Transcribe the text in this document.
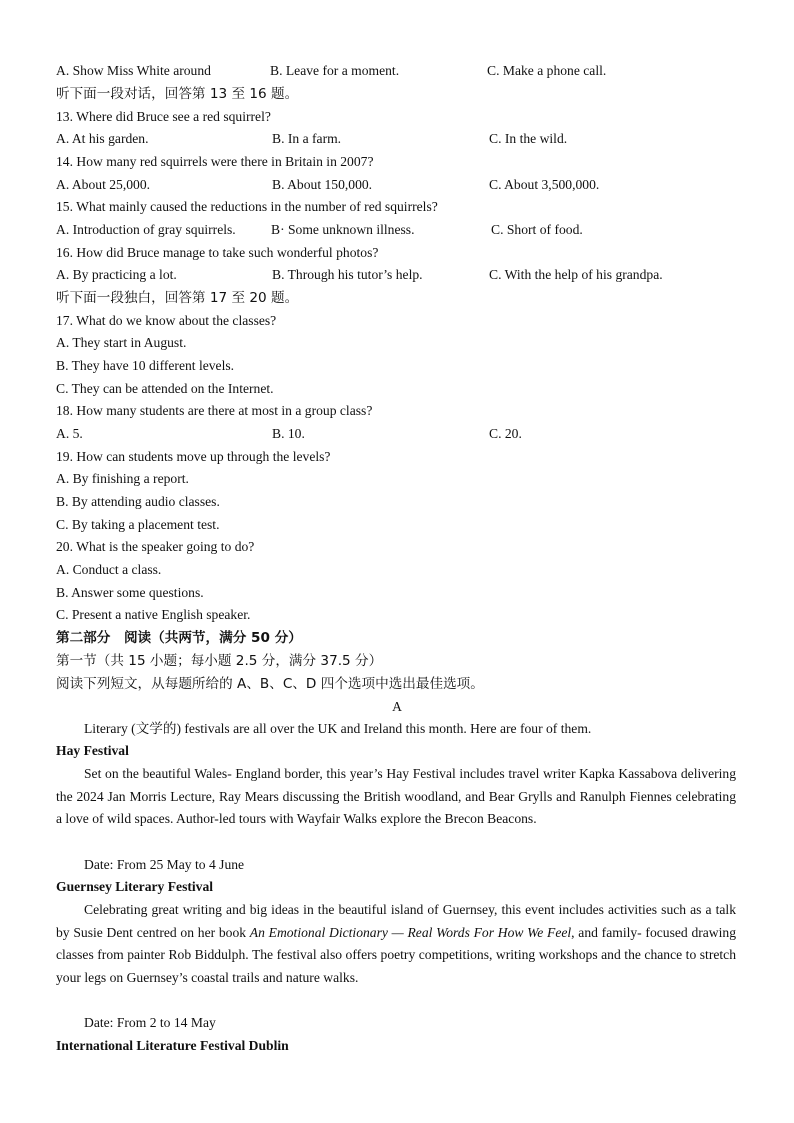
A. Show Miss White around	B. Leave for a moment.	C. Make a phone call.
听下面一段对话，回答第 13 至 16 题。
13. Where did Bruce see a red squirrel?
A. At his garden.	B. In a farm.	C. In the wild.
14. How many red squirrels were there in Britain in 2007?
A. About 25,000.	B. About 150,000.	C. About 3,500,000.
15. What mainly caused the reductions in the number of red squirrels?
A. Introduction of gray squirrels.	B· Some unknown illness.	C. Short of food.
16. How did Bruce manage to take such wonderful photos?
A. By practicing a lot.	B. Through his tutor’s help.	C. With the help of his grandpa.
听下面一段独白，回答第 17 至 20 题。
17. What do we know about the classes?
A. They start in August.
B. They have 10 different levels.
C. They can be attended on the Internet.
18. How many students are there at most in a group class?
A. 5.	B. 10.	C. 20.
19. How can students move up through the levels?
A. By finishing a report.
B. By attending audio classes.
C. By taking a placement test.
20. What is the speaker going to do?
A. Conduct a class.
B. Answer some questions.
C. Present a native English speaker.
第二部分　阅读（共两节，满分 50 分）
第一节（共 15 小题；每小题 2.5 分，满分 37.5 分）
阅读下列短文，从每题所给的 A、B、C、D 四个选项中选出最佳选项。
A
Literary (文学的) festivals are all over the UK and Ireland this month. Here are four of them.
Hay Festival
Set on the beautiful Wales- England border, this year’s Hay Festival includes travel writer Kapka Kassabova delivering the 2024 Jan Morris Lecture, Ray Mears discussing the British woodland, and Bear Grylls and Ranulph Fiennes celebrating a love of wild spaces. Author-led tours with Wayfair Walks explore the Brecon Beacons.
Date: From 25 May to 4 June
Guernsey Literary Festival
Celebrating great writing and big ideas in the beautiful island of Guernsey, this event includes activities such as a talk by Susie Dent centred on her book An Emotional Dictionary — Real Words For How We Feel, and family- focused drawing classes from painter Rob Biddulph. The festival also offers poetry competitions, writing workshops and the chance to stretch your legs on Guernsey’s coastal trails and nature walks.
Date: From 2 to 14 May
International Literature Festival Dublin
